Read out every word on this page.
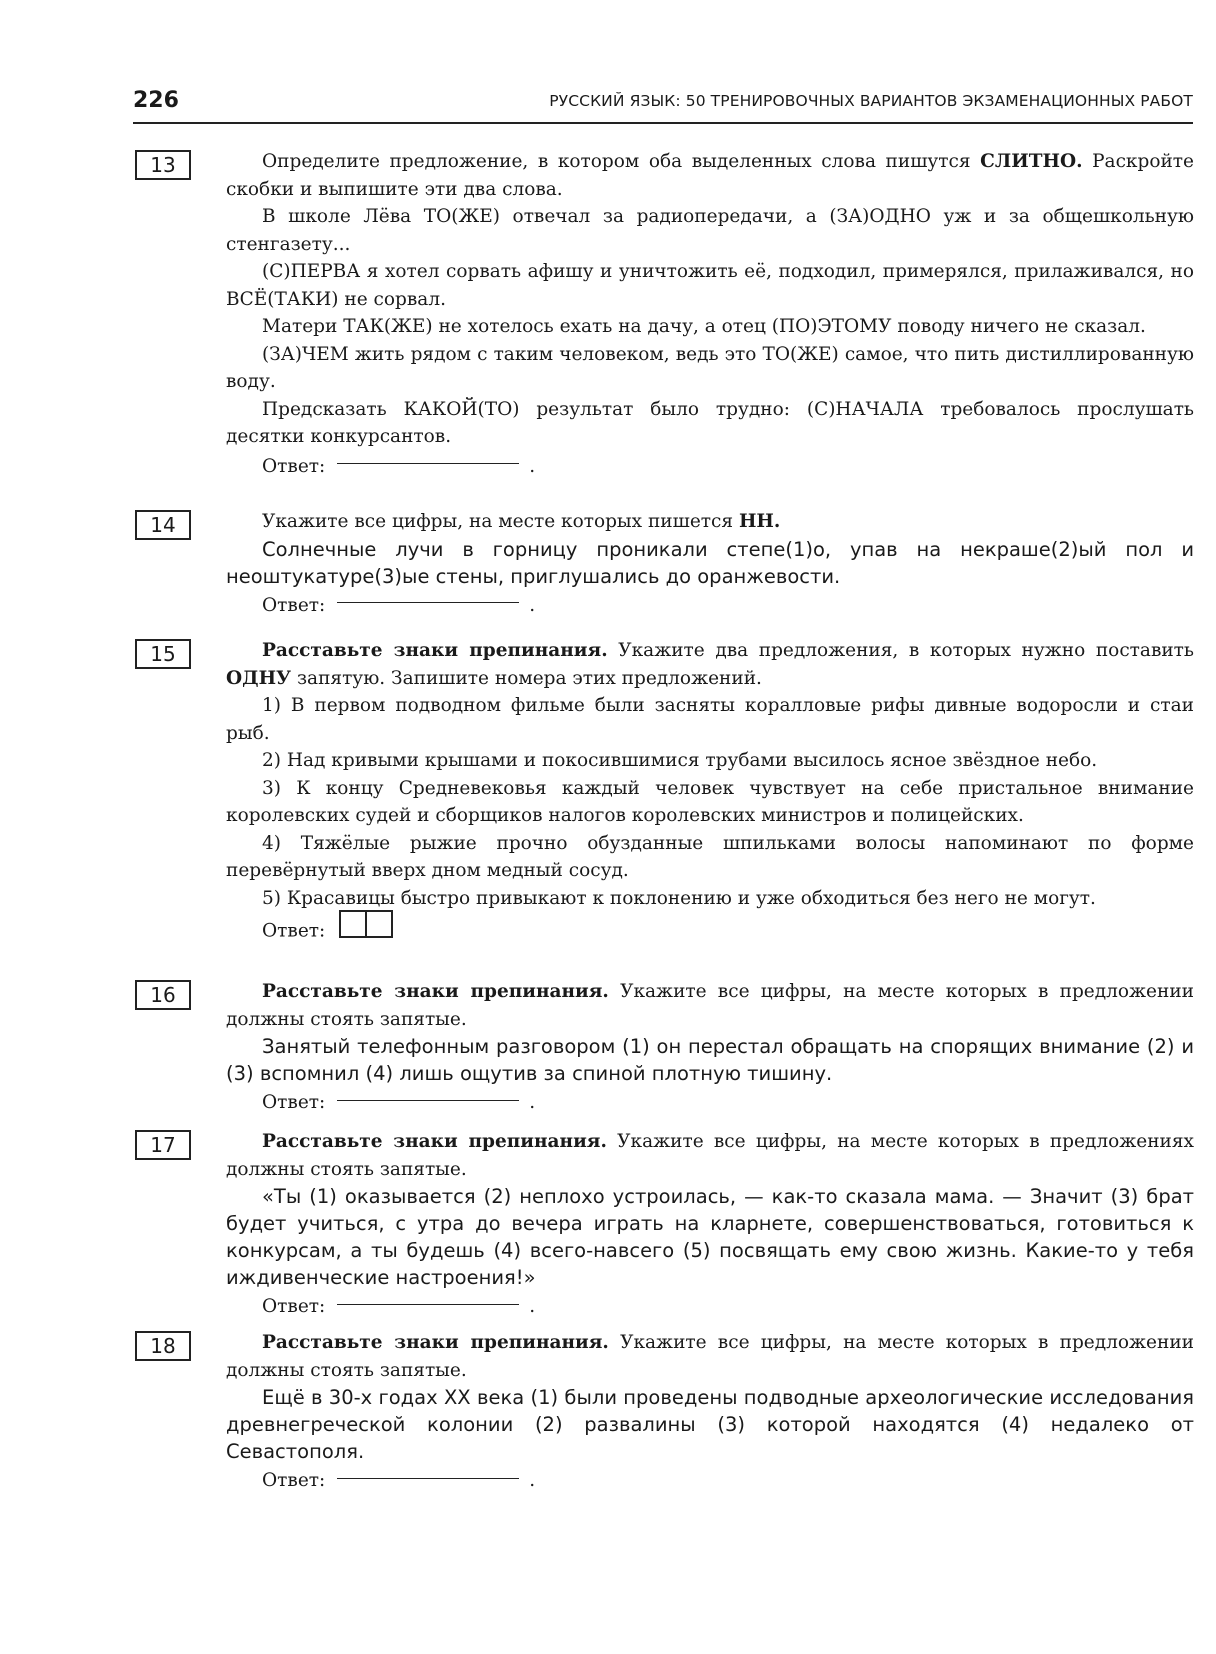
226	РУССКИЙ ЯЗЫК: 50 ТРЕНИРОВОЧНЫХ ВАРИАНТОВ ЭКЗАМЕНАЦИОННЫХ РАБОТ
13	Определите предложение, в котором оба выделенных слова пишутся СЛИТНО. Раскройте скобки и выпишите эти два слова.

В школе Лёва ТО(ЖЕ) отвечал за радиопередачи, а (ЗА)ОДНО уж и за общешкольную стенгазету...

(С)ПЕРВА я хотел сорвать афишу и уничтожить её, подходил, примерялся, прилаживался, но ВСЁ(ТАКИ) не сорвал.

Матери ТАК(ЖЕ) не хотелось ехать на дачу, а отец (ПО)ЭТОМУ поводу ничего не сказал.

(ЗА)ЧЕМ жить рядом с таким человеком, ведь это ТО(ЖЕ) самое, что пить дистиллированную воду.

Предсказать КАКОЙ(ТО) результат было трудно: (С)НАЧАЛА требовалось прослушать десятки конкурсантов.

Ответ:	.

14	Укажите все цифры, на месте которых пишется НН.

Солнечные лучи в горницу проникали степе(1)о, упав на некраше(2)ый пол и неоштукатуре(3)ые стены, приглушались до оранжевости.

Ответ:	.

15	Расставьте знаки препинания. Укажите два предложения, в которых нужно поставить ОДНУ запятую. Запишите номера этих предложений.

1) В первом подводном фильме были засняты коралловые рифы дивные водоросли и стаи рыб.

2) Над кривыми крышами и покосившимися трубами высилось ясное звёздное небо.

3) К концу Средневековья каждый человек чувствует на себе пристальное внимание королевских судей и сборщиков налогов королевских министров и полицейских.

4) Тяжёлые рыжие прочно обузданные шпильками волосы напоминают по форме перевёрнутый вверх дном медный сосуд.

5) Красавицы быстро привыкают к поклонению и уже обходиться без него не могут.

Ответ:

16	Расставьте знаки препинания. Укажите все цифры, на месте которых в предложении должны стоять запятые.

Занятый телефонным разговором (1) он перестал обращать на спорящих внимание (2) и (3) вспомнил (4) лишь ощутив за спиной плотную тишину.

Ответ:	.

17	Расставьте знаки препинания. Укажите все цифры, на месте которых в предложениях должны стоять запятые.

«Ты (1) оказывается (2) неплохо устроилась, — как-то сказала мама. — Значит (3) брат будет учиться, с утра до вечера играть на кларнете, совершенствоваться, готовиться к конкурсам, а ты будешь (4) всего-навсего (5) посвящать ему свою жизнь. Какие-то у тебя иждивенческие настроения!»

Ответ:	.

18	Расставьте знаки препинания. Укажите все цифры, на месте которых в предложении должны стоять запятые.

Ещё в 30-х годах XX века (1) были проведены подводные археологические исследования древнегреческой колонии (2) развалины (3) которой находятся (4) недалеко от Севастополя.

Ответ:	.
